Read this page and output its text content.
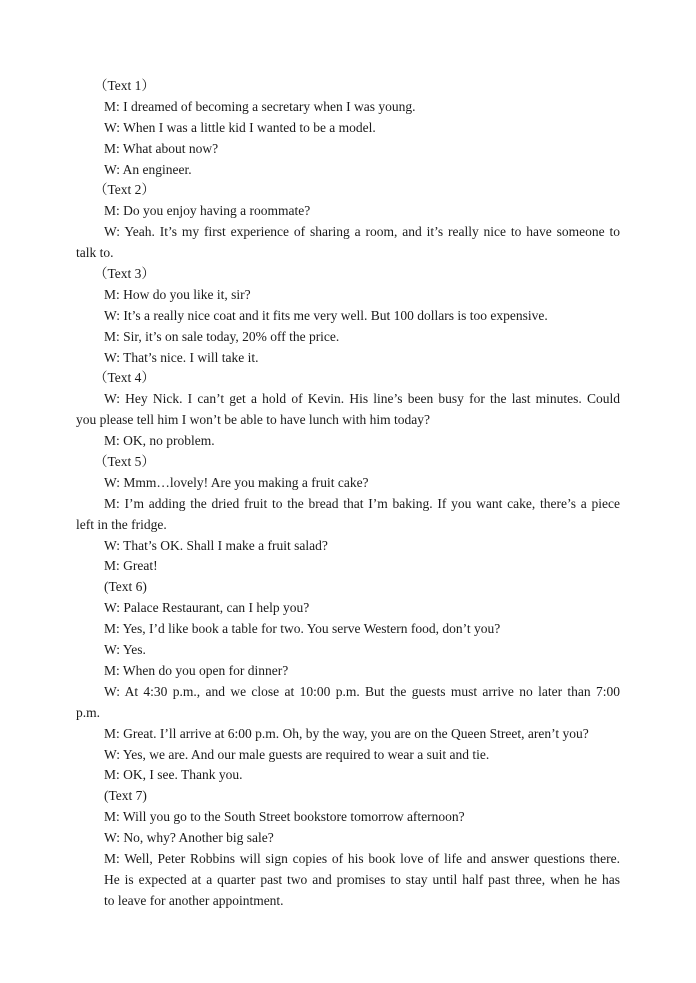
（Text 1）
M: I dreamed of becoming a secretary when I was young.
W: When I was a little kid I wanted to be a model.
M: What about now?
W: An engineer.
（Text 2）
M: Do you enjoy having a roommate?
W: Yeah. It’s my first experience of sharing a room, and it’s really nice to have someone to
talk to.
（Text 3）
M: How do you like it, sir?
W: It’s a really nice coat and it fits me very well. But 100 dollars is too expensive.
M: Sir, it’s on sale today, 20% off the price.
W: That’s nice. I will take it.
（Text 4）
W: Hey Nick. I can’t get a hold of Kevin. His line’s been busy for the last minutes. Could
you please tell him I won’t be able to have lunch with him today?
M: OK, no problem.
（Text 5）
W: Mmm…lovely! Are you making a fruit cake?
M: I’m adding the dried fruit to the bread that I’m baking. If you want cake, there’s a piece
left in the fridge.
W: That’s OK. Shall I make a fruit salad?
M: Great!
(Text 6)
W: Palace Restaurant, can I help you?
M: Yes, I’d like book a table for two. You serve Western food, don’t you?
W: Yes.
M: When do you open for dinner?
W: At 4:30 p.m., and we close at 10:00 p.m. But the guests must arrive no later than 7:00
p.m.
M: Great. I’ll arrive at 6:00 p.m. Oh, by the way, you are on the Queen Street, aren’t you?
W: Yes, we are. And our male guests are required to wear a suit and tie.
M: OK, I see. Thank you.
(Text 7)
M: Will you go to the South Street bookstore tomorrow afternoon?
W: No, why? Another big sale?
M: Well, Peter Robbins will sign copies of his book love of life and answer questions there.
He is expected at a quarter past two and promises to stay until half past three, when he has
to leave for another appointment.
